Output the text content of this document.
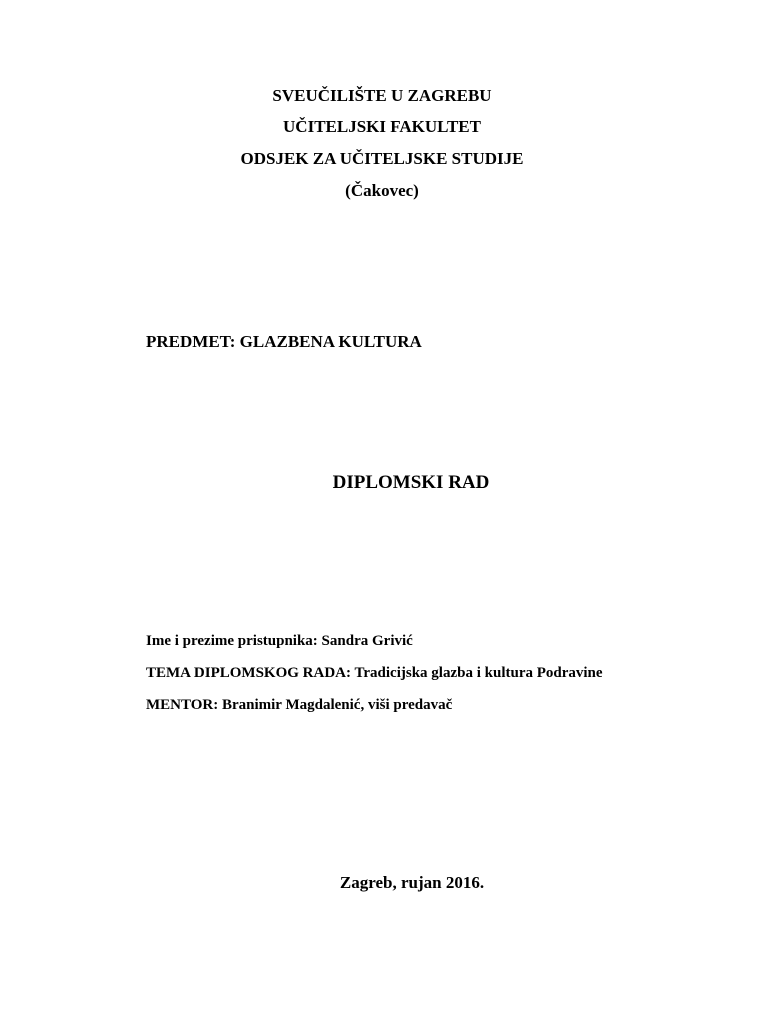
SVEUČILIŠTE U ZAGREBU
UČITELJSKI FAKULTET
ODSJEK ZA UČITELJSKE STUDIJE
(Čakovec)
PREDMET: GLAZBENA KULTURA
DIPLOMSKI RAD
Ime i prezime pristupnika: Sandra Grivić
TEMA DIPLOMSKOG RADA: Tradicijska glazba i kultura Podravine
MENTOR: Branimir Magdalenić, viši predavač
Zagreb, rujan 2016.
